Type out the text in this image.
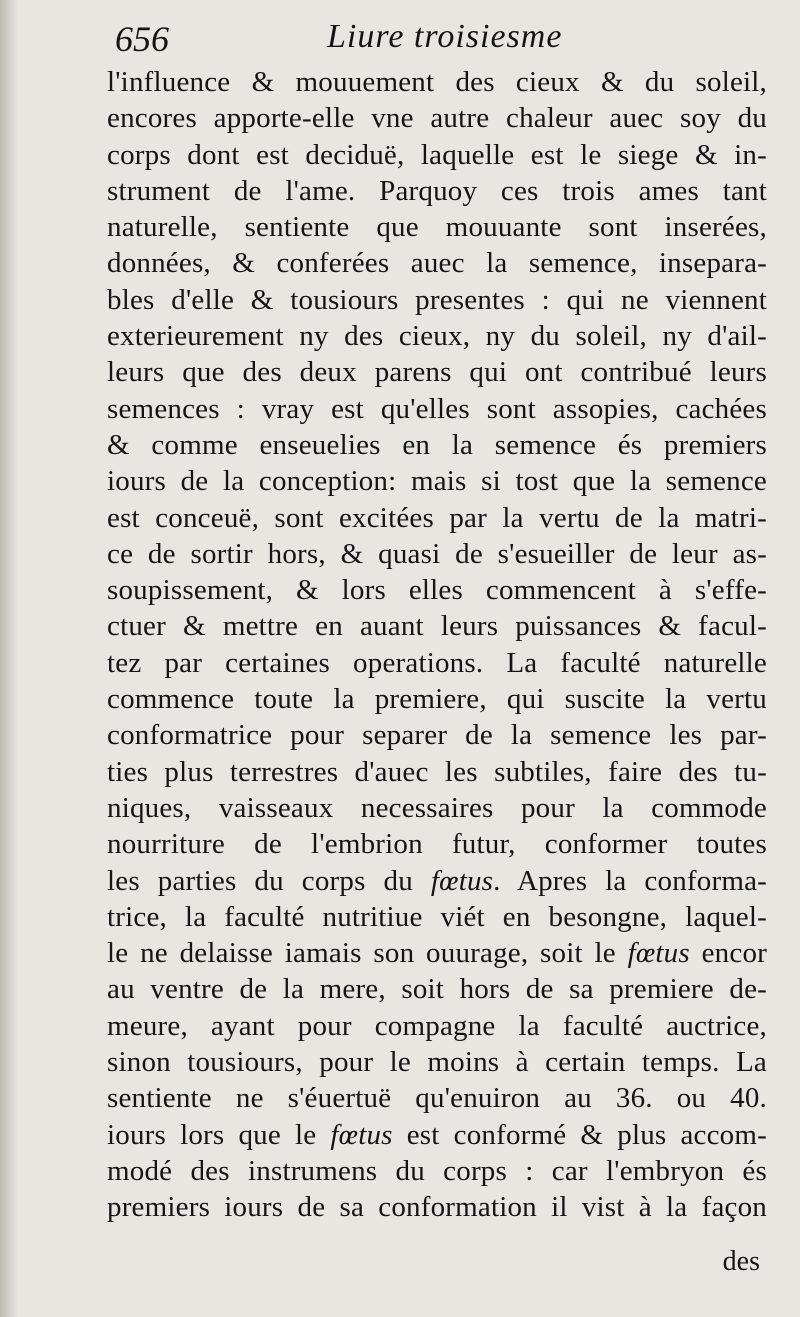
656	Liure troisiesme
l'influence & mouuement des cieux & du soleil,
encores apporte-elle vne autre chaleur auec soy du
corps dont est deciduë, laquelle est le siege & in-
strument de l'ame. Parquoy ces trois ames tant
naturelle, sentiente que mouuante sont inserées,
données, & conferées auec la semence, insepara-
bles d'elle & tousiours presentes : qui ne viennent
exterieurement ny des cieux, ny du soleil, ny d'ail-
leurs que des deux parens qui ont contribué leurs
semences : vray est qu'elles sont assopies, cachées
& comme enseuelies en la semence és premiers
iours de la conception: mais si tost que la semence
est conceuë, sont excitées par la vertu de la matri-
ce de sortir hors, & quasi de s'esueiller de leur as-
soupissement, & lors elles commencent à s'effe-
ctuer & mettre en auant leurs puissances & facul-
tez par certaines operations. La faculté naturelle
commence toute la premiere, qui suscite la vertu
conformatrice pour separer de la semence les par-
ties plus terrestres d'auec les subtiles, faire des tu-
niques, vaisseaux necessaires pour la commode
nourriture de l'embrion futur, conformer toutes
les parties du corps du fœtus. Apres la conforma-
trice, la faculté nutritiue viét en besongne, laquel-
le ne delaisse iamais son ouurage, soit le fœtus encor
au ventre de la mere, soit hors de sa premiere de-
meure, ayant pour compagne la faculté auctrice,
sinon tousiours, pour le moins à certain temps. La
sentiente ne s'éuertuë qu'enuiron au 36. ou 40.
iours lors que le fœtus est conformé & plus accom-
modé des instrumens du corps : car l'embryon és
premiers iours de sa conformation il vist à la façon
des
